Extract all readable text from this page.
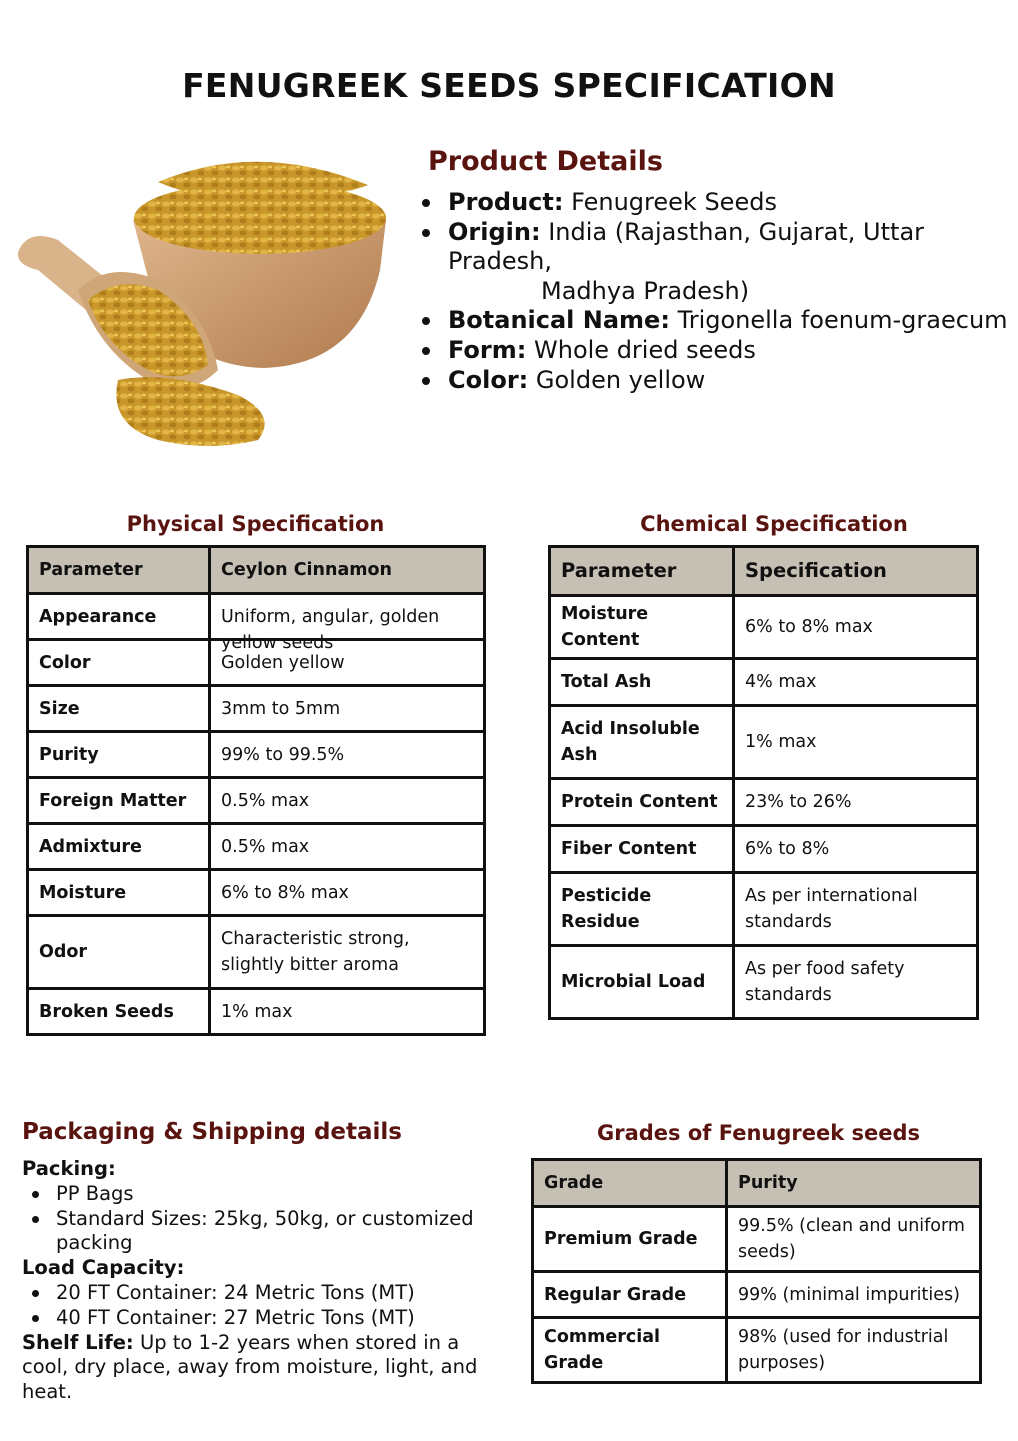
FENUGREEK SEEDS SPECIFICATION
Product Details
Product: Fenugreek Seeds
Origin: India (Rajasthan, Gujarat, Uttar Pradesh,
Madhya Pradesh)
Botanical Name: Trigonella foenum-graecum
Form: Whole dried seeds
Color: Golden yellow
Physical Specification
Parameter	Ceylon Cinnamon
Appearance	Uniform, angular, golden yellow seeds

Color	Golden yellow
Size	3mm to 5mm
Purity	99% to 99.5%
Foreign Matter	0.5% max
Admixture	0.5% max
Moisture	6% to 8% max
Odor	Characteristic strong, slightly bitter aroma
Broken Seeds	1% max
Chemical Specification
Parameter	Specification
Moisture Content	6% to 8% max
Total Ash	4% max
Acid Insoluble Ash	1% max
Protein Content	23% to 26%
Fiber Content	6% to 8%
Pesticide Residue	As per international standards
Microbial Load	As per food safety standards
Packaging & Shipping details
Packing:
PP Bags
Standard Sizes: 25kg, 50kg, or customized packing
Load Capacity:
20 FT Container: 24 Metric Tons (MT)
40 FT Container: 27 Metric Tons (MT)
Shelf Life: Up to 1-2 years when stored in a cool, dry place, away from moisture, light, and heat.
Grades of Fenugreek seeds
Grade	Purity
Premium Grade	99.5% (clean and uniform seeds)
Regular Grade	99% (minimal impurities)
Commercial Grade	98% (used for industrial purposes)
